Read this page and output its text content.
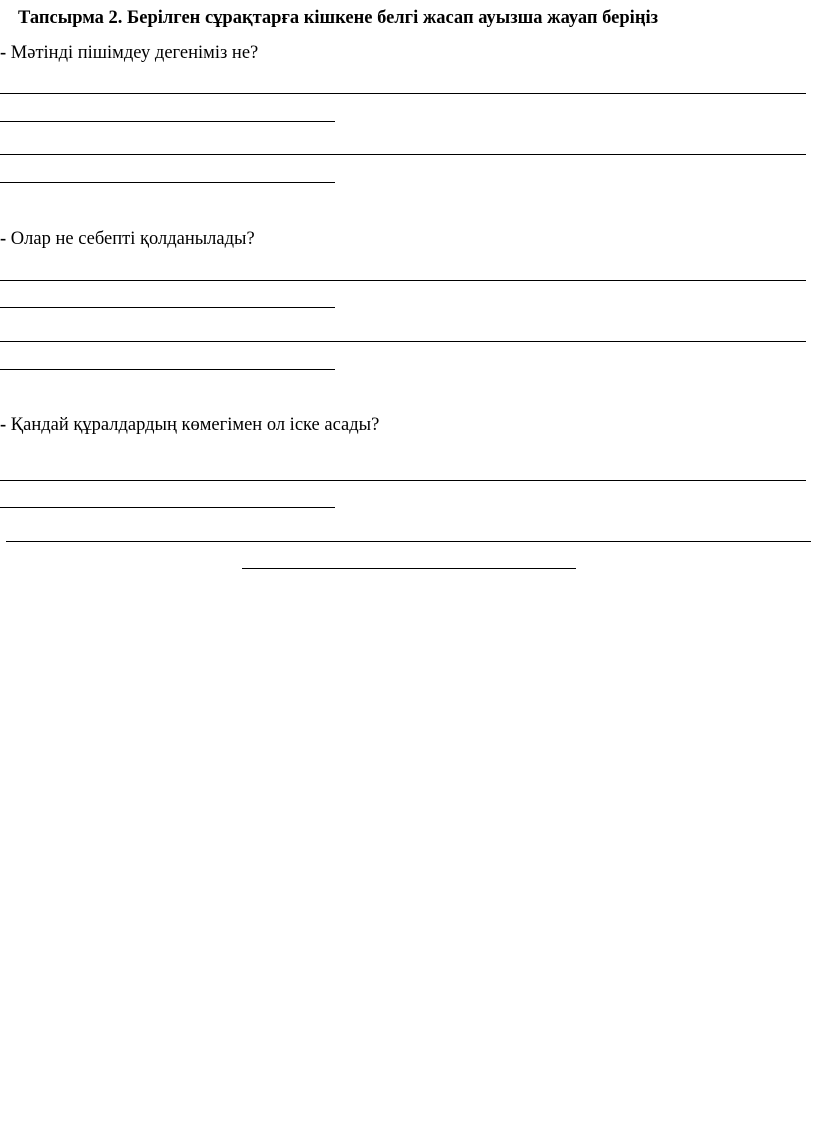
Тапсырма 2. Берілген сұрақтарға кішкене белгі жасап ауызша жауап беріңіз

- Мәтінді пішімдеу дегеніміз не?

- Олар не себепті қолданылады?

- Қандай құралдардың көмегімен ол іске асады?
